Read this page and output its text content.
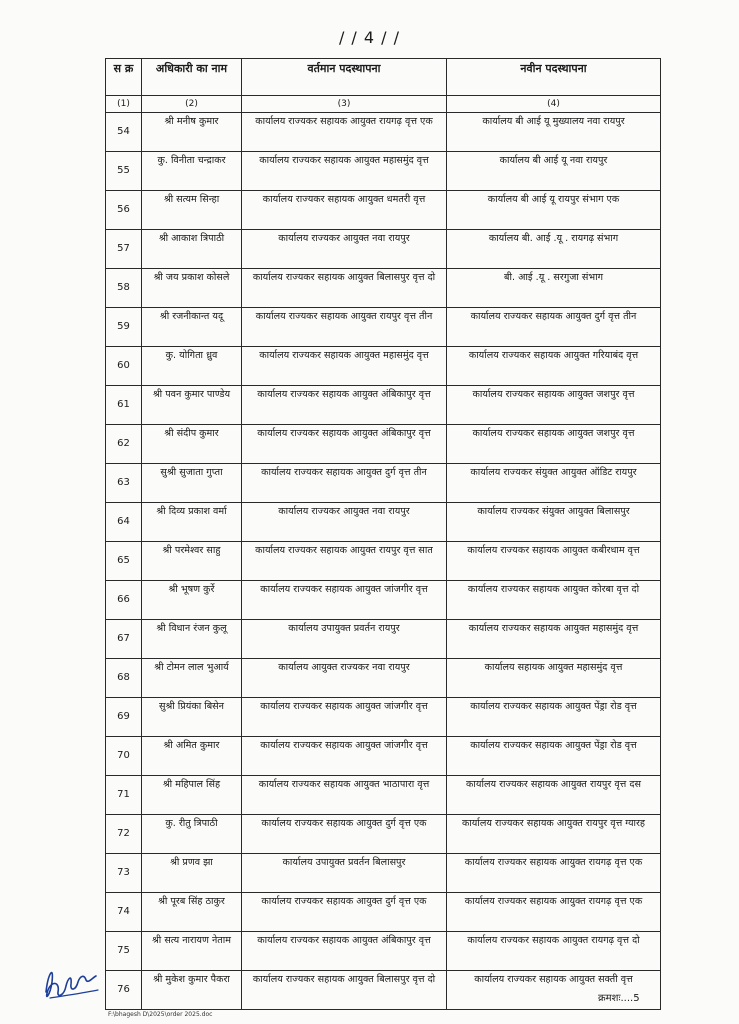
/ / 4 / /
स क्र	अधिकारी का नाम	वर्तमान पदस्थापना	नवीन पदस्थापना
(1)	(2)	(3)	(4)
54	श्री मनीष कुमार	कार्यालय राज्यकर सहायक आयुक्त रायगढ़ वृत्त एक	कार्यालय बी आई यू मुख्यालय नवा रायपुर
55	कु. विनीता चन्द्राकर	कार्यालय राज्यकर सहायक आयुक्त महासमुंद वृत्त	कार्यालय बी आई यू नवा रायपुर
56	श्री सत्यम सिन्हा	कार्यालय राज्यकर सहायक आयुक्त धमतरी वृत्त	कार्यालय बी आई यू रायपुर संभाग एक
57	श्री आकाश त्रिपाठी	कार्यालय राज्यकर आयुक्त नवा रायपुर	कार्यालय बी. आई .यू . रायगढ़ संभाग
58	श्री जय प्रकाश कोसले	कार्यालय राज्यकर सहायक आयुक्त बिलासपुर वृत्त दो	बी. आई .यू . सरगुजा संभाग
59	श्री रजनीकान्त यदू	कार्यालय राज्यकर सहायक आयुक्त रायपुर वृत्त तीन	कार्यालय राज्यकर सहायक आयुक्त दुर्ग वृत्त तीन
60	कु. योगिता ध्रुव	कार्यालय राज्यकर सहायक आयुक्त महासमुंद वृत्त	कार्यालय राज्यकर सहायक आयुक्त गरियाबंद वृत्त
61	श्री पवन कुमार पाण्डेय	कार्यालय राज्यकर सहायक आयुक्त अंबिकापुर वृत्त	कार्यालय राज्यकर सहायक आयुक्त जशपुर वृत्त
62	श्री संदीप कुमार	कार्यालय राज्यकर सहायक आयुक्त अंबिकापुर वृत्त	कार्यालय राज्यकर सहायक आयुक्त जशपुर वृत्त
63	सुश्री सुजाता गुप्ता	कार्यालय राज्यकर सहायक आयुक्त दुर्ग वृत्त तीन	कार्यालय राज्यकर संयुक्त आयुक्त ऑडिट रायपुर
64	श्री दिव्य प्रकाश वर्मा	कार्यालय राज्यकर आयुक्त नवा रायपुर	कार्यालय राज्यकर संयुक्त आयुक्त बिलासपुर
65	श्री परमेश्वर साहु	कार्यालय राज्यकर सहायक आयुक्त रायपुर वृत्त सात	कार्यालय राज्यकर सहायक आयुक्त कबीरधाम वृत्त
66	श्री भूषण कुर्रे	कार्यालय राज्यकर सहायक आयुक्त जांजगीर वृत्त	कार्यालय राज्यकर सहायक आयुक्त कोरबा वृत्त दो
67	श्री विधान रंजन कुलू	कार्यालय उपायुक्त प्रवर्तन रायपुर	कार्यालय राज्यकर सहायक आयुक्त महासमुंद वृत्त
68	श्री टोमन लाल भुआर्य	कार्यालय आयुक्त राज्यकर नवा रायपुर	कार्यालय सहायक आयुक्त महासमुंद वृत्त
69	सुश्री प्रियंका बिसेन	कार्यालय राज्यकर सहायक आयुक्त जांजगीर वृत्त	कार्यालय राज्यकर सहायक आयुक्त पेंड्रा रोड वृत्त
70	श्री अमित कुमार	कार्यालय राज्यकर सहायक आयुक्त जांजगीर वृत्त	कार्यालय राज्यकर सहायक आयुक्त पेंड्रा रोड वृत्त
71	श्री महिपाल सिंह	कार्यालय राज्यकर सहायक आयुक्त भाठापारा वृत्त	कार्यालय राज्यकर सहायक आयुक्त रायपुर वृत्त दस
72	कु. रीतु त्रिपाठी	कार्यालय राज्यकर सहायक आयुक्त दुर्ग वृत्त एक	कार्यालय राज्यकर सहायक आयुक्त रायपुर वृत्त ग्यारह
73	श्री प्रणव झा	कार्यालय उपायुक्त प्रवर्तन बिलासपुर	कार्यालय राज्यकर सहायक आयुक्त रायगढ़ वृत्त एक
74	श्री पूरब सिंह ठाकुर	कार्यालय राज्यकर सहायक आयुक्त दुर्ग वृत्त एक	कार्यालय राज्यकर सहायक आयुक्त रायगढ़ वृत्त एक
75	श्री सत्य नारायण नेताम	कार्यालय राज्यकर सहायक आयुक्त अंबिकापुर वृत्त	कार्यालय राज्यकर सहायक आयुक्त रायगढ़ वृत्त दो
76	श्री मुकेश कुमार पैकरा	कार्यालय राज्यकर सहायक आयुक्त बिलासपुर वृत्त दो	कार्यालय राज्यकर सहायक आयुक्त सक्ती वृत्त
क्रमशः....5
F:\bhagesh D\2025\order 2025.doc
